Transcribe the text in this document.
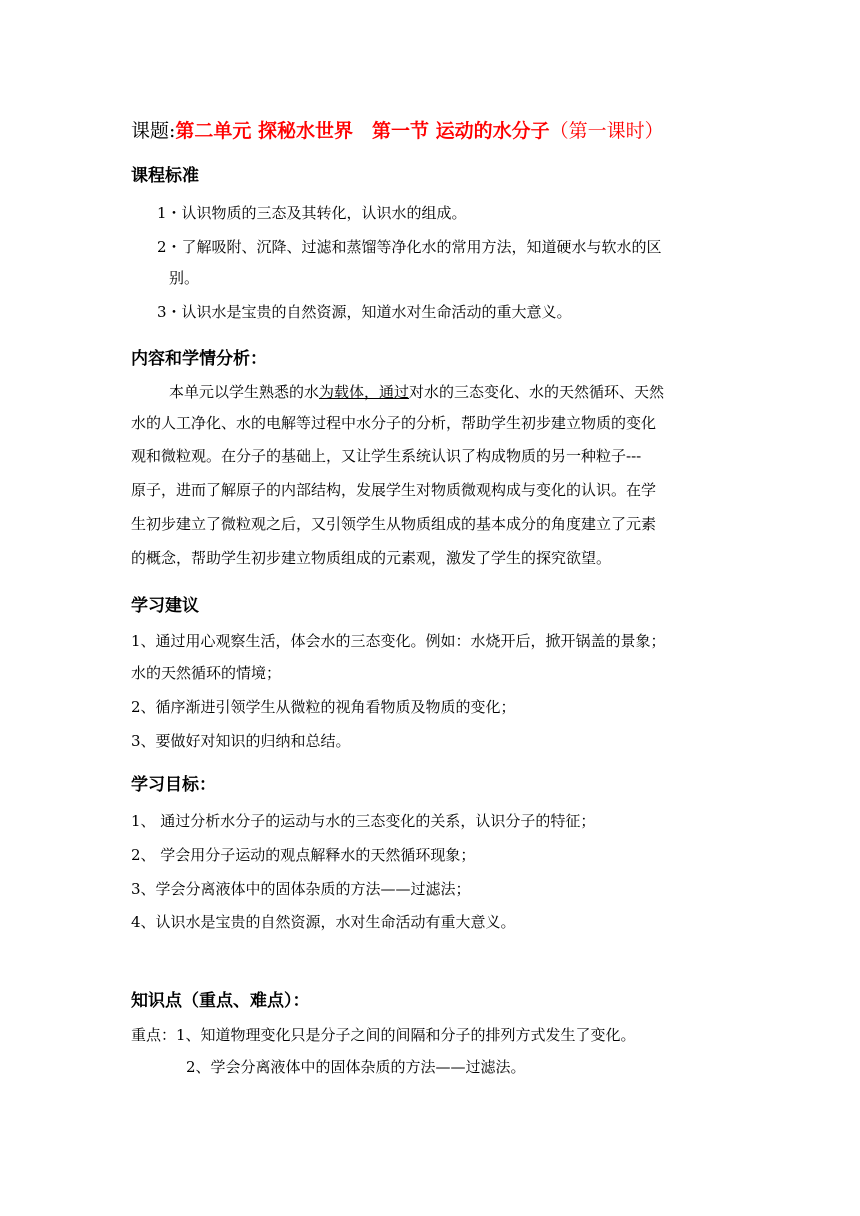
课题:第二单元 探秘水世界　第一节 运动的水分子（第一课时）
课程标准
1・认识物质的三态及其转化，认识水的组成。
2・了解吸附、沉降、过滤和蒸馏等净化水的常用方法，知道硬水与软水的区
别。
3・认识水是宝贵的自然资源，知道水对生命活动的重大意义。
内容和学情分析：
本单元以学生熟悉的水为载体，通过对水的三态变化、水的天然循环、天然
水的人工净化、水的电解等过程中水分子的分析，帮助学生初步建立物质的变化
观和微粒观。在分子的基础上，又让学生系统认识了构成物质的另一种粒子---
原子，进而了解原子的内部结构，发展学生对物质微观构成与变化的认识。在学
生初步建立了微粒观之后，又引领学生从物质组成的基本成分的角度建立了元素
的概念，帮助学生初步建立物质组成的元素观，激发了学生的探究欲望。
学习建议
1、通过用心观察生活，体会水的三态变化。例如：水烧开后，掀开锅盖的景象；
水的天然循环的情境；
2、循序渐进引领学生从微粒的视角看物质及物质的变化；
3、要做好对知识的归纳和总结。
学习目标：
1、 通过分析水分子的运动与水的三态变化的关系，认识分子的特征；
2、 学会用分子运动的观点解释水的天然循环现象；
3、学会分离液体中的固体杂质的方法——过滤法；
4、认识水是宝贵的自然资源，水对生命活动有重大意义。
知识点（重点、难点）：
重点：1、知道物理变化只是分子之间的间隔和分子的排列方式发生了变化。
2、学会分离液体中的固体杂质的方法——过滤法。
